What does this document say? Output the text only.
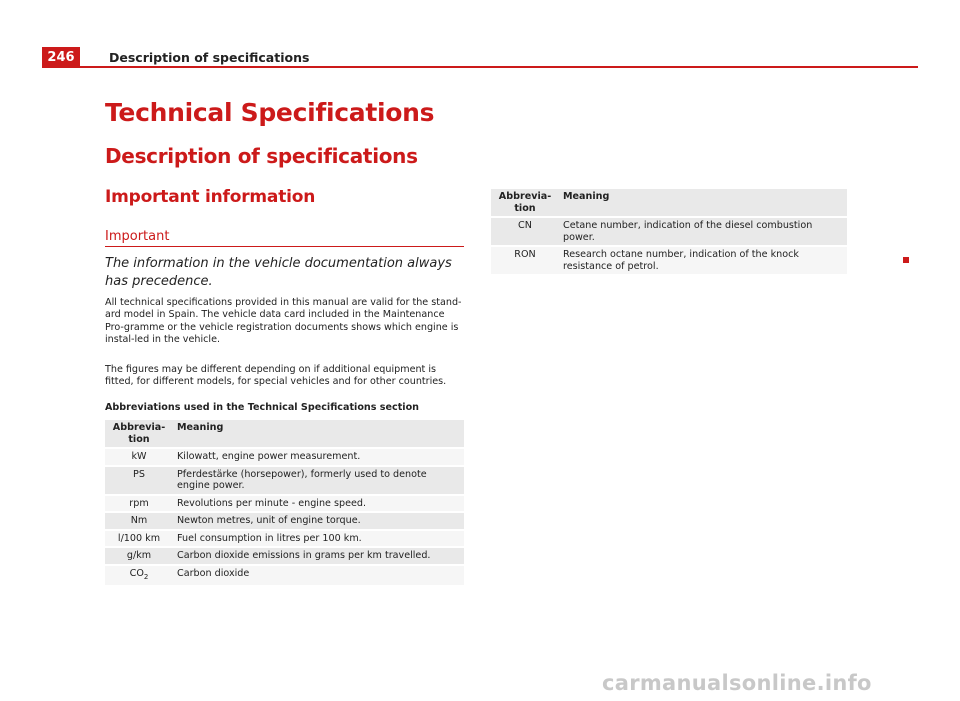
246	Description of specifications
Technical Specifications
Description of specifications
Important information
Important
The information in the vehicle documentation always has precedence.
All technical specifications provided in this manual are valid for the stand-ard model in Spain. The vehicle data card included in the Maintenance Pro-gramme or the vehicle registration documents shows which engine is instal-led in the vehicle.
The figures may be different depending on if additional equipment is fitted, for different models, for special vehicles and for other countries.
Abbreviations used in the Technical Specifications section
Abbrevia-tion	Meaning
kW	Kilowatt, engine power measurement.
PS	Pferdestärke (horsepower), formerly used to denote engine power.
rpm	Revolutions per minute - engine speed.
Nm	Newton metres, unit of engine torque.
l/100 km	Fuel consumption in litres per 100 km.
g/km	Carbon dioxide emissions in grams per km travelled.
$CO_2$	Carbon dioxide
Abbrevia-tion	Meaning
CN	Cetane number, indication of the diesel combustion power.
RON	Research octane number, indication of the knock resistance of petrol.
carmanualsonline.info
